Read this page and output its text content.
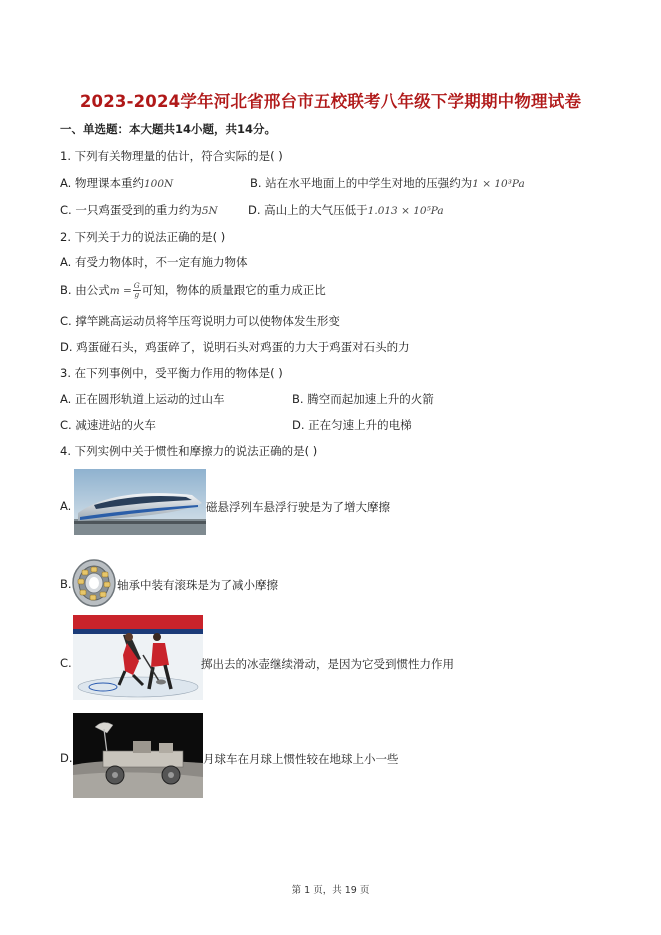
2023-2024学年河北省邢台市五校联考八年级下学期期中物理试卷
一、单选题：本大题共14小题，共14分。
1. 下列有关物理量的估计，符合实际的是( )
A. 物理课本重约100N	B. 站在水平地面上的中学生对地的压强约为1 × 10³Pa
C. 一只鸡蛋受到的重力约为5N	D. 高山上的大气压低于1.013 × 10⁵Pa
2. 下列关于力的说法正确的是( )
A. 有受力物体时，不一定有施力物体
B. 由公式$m = \frac{G}{g}$ 可知，物体的质量跟它的重力成正比
C. 撑竿跳高运动员将竿压弯说明力可以使物体发生形变
D. 鸡蛋碰石头，鸡蛋碎了，说明石头对鸡蛋的力大于鸡蛋对石头的力
3. 在下列事例中，受平衡力作用的物体是( )
A. 正在圆形轨道上运动的过山车	B. 腾空而起加速上升的火箭
C. 减速进站的火车	D. 正在匀速上升的电梯
4. 下列实例中关于惯性和摩擦力的说法正确的是( )
A.	磁悬浮列车悬浮行驶是为了增大摩擦
B.	轴承中装有滚珠是为了减小摩擦
C.	掷出去的冰壶继续滑动，是因为它受到惯性力作用
D.	月球车在月球上惯性较在地球上小一些
第 1 页，共 19 页
